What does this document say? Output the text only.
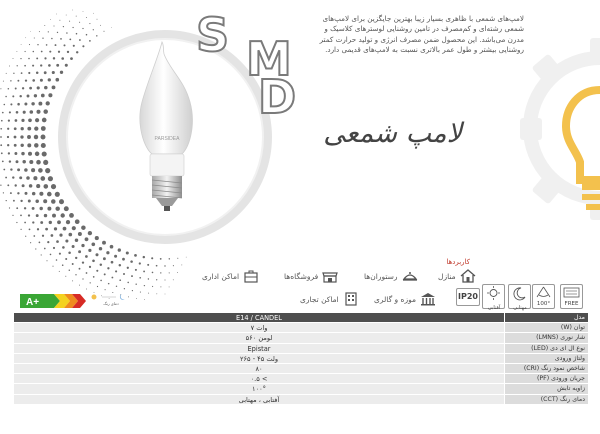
PARSIDEA
S M
D
لامپ‌های شمعی با ظاهری بسیار زیبا بهترین جایگزین برای لامپ‌های شمعی رشته‌ای و کم‌مصرف در تامین روشنایی لوسترهای کلاسیک و مدرن می‌باشد. این محصول ضمن مصرف انرژی و تولید حرارت کمتر روشنایی بیشتر و طول عمر بالاتری نسبت به لامپ‌های قدیمی دارد.
لامپ شمعی
کاربردها
منازل
رستوران‌ها
فروشگاه‌ها
اماکن اداری
موزه و گالری
اماکن تجاری
FREE
100°
مهتابی
آفتابی
IP20
A+	دمای رنگ
E14 / CANDEL	مدل
۷ وات	توان (W)
۵۶۰ لومن	شار نوری (LMNS)
Epistar	نوع ال ای دی (LED)
۲۶۵ - ۴۵ ولت	ولتاژ ورودی
۸۰	شاخص نمود رنگ (CRI)
۰.۵ <	جریان ورودی (PF)
۱۰۰°	زاویه تابش
آفتابی ، مهتابی	دمای رنگ (CCT)
